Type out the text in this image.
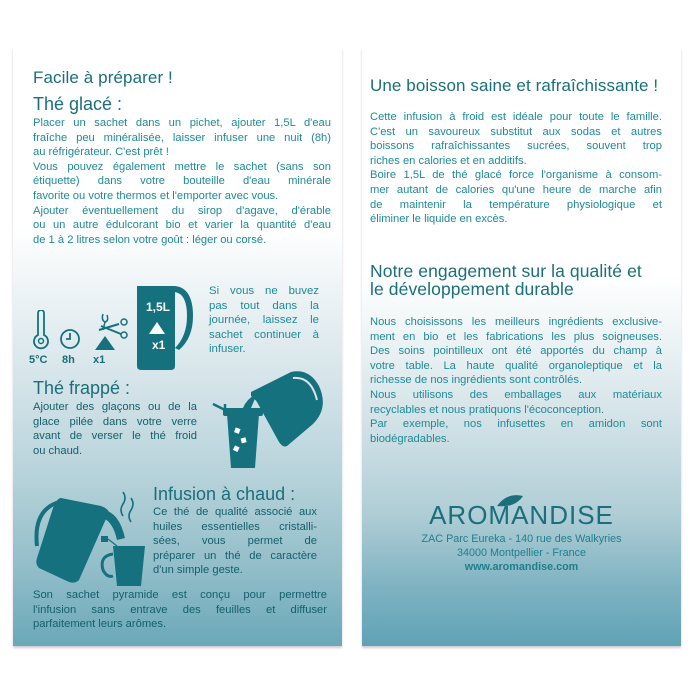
Facile à préparer !
Thé glacé :
Placer un sachet dans un pichet, ajouter 1,5L d'eau
fraîche peu minéralisée, laisser infuser une nuit (8h)
au réfrigérateur. C'est prêt !
Vous pouvez également mettre le sachet (sans son
étiquette) dans votre bouteille d'eau minérale
favorite ou votre thermos et l'emporter avec vous.
Ajouter éventuellement du sirop d'agave, d'érable
ou un autre édulcorant bio et varier la quantité d'eau
de 1 à 2 litres selon votre goût : léger ou corsé.
5°C 8h x1
1,5L
x1
Si vous ne buvez
pas tout dans la
journée, laissez le
sachet continuer à
infuser.
Thé frappé :
Ajouter des glaçons ou de la
glace pilée dans votre verre
avant de verser le thé froid
ou chaud.
Infusion à chaud :
Ce thé de qualité associé aux
huiles essentielles cristalli-
sées, vous permet de
préparer un thé de caractère
d'un simple geste.
Son sachet pyramide est conçu pour permettre
l'infusion sans entrave des feuilles et diffuser
parfaitement leurs arômes.
Une boisson saine et rafraîchissante !
Cette infusion à froid est idéale pour toute le famille.
C'est un savoureux substitut aux sodas et autres
boissons rafraîchissantes sucrées, souvent trop
riches en calories et en additifs.
Boire 1,5L de thé glacé force l'organisme à consom-
mer autant de calories qu'une heure de marche afin
de maintenir la température physiologique et
éliminer le liquide en excès.
Notre engagement sur la qualité et
le développement durable
Nous choisissons les meilleurs ingrédients exclusive-
ment en bio et les fabrications les plus soigneuses.
Des soins pointilleux ont été apportés du champ à
votre table. La haute qualité organoleptique et la
richesse de nos ingrédients sont contrôlés.
Nous utilisons des emballages aux matériaux
recyclables et nous pratiquons l'écoconception.
Par exemple, nos infusettes en amidon sont
biodégradables.
AROMANDISE
ZAC Parc Eureka - 140 rue des Walkyries
34000 Montpellier - France
www.aromandise.com
